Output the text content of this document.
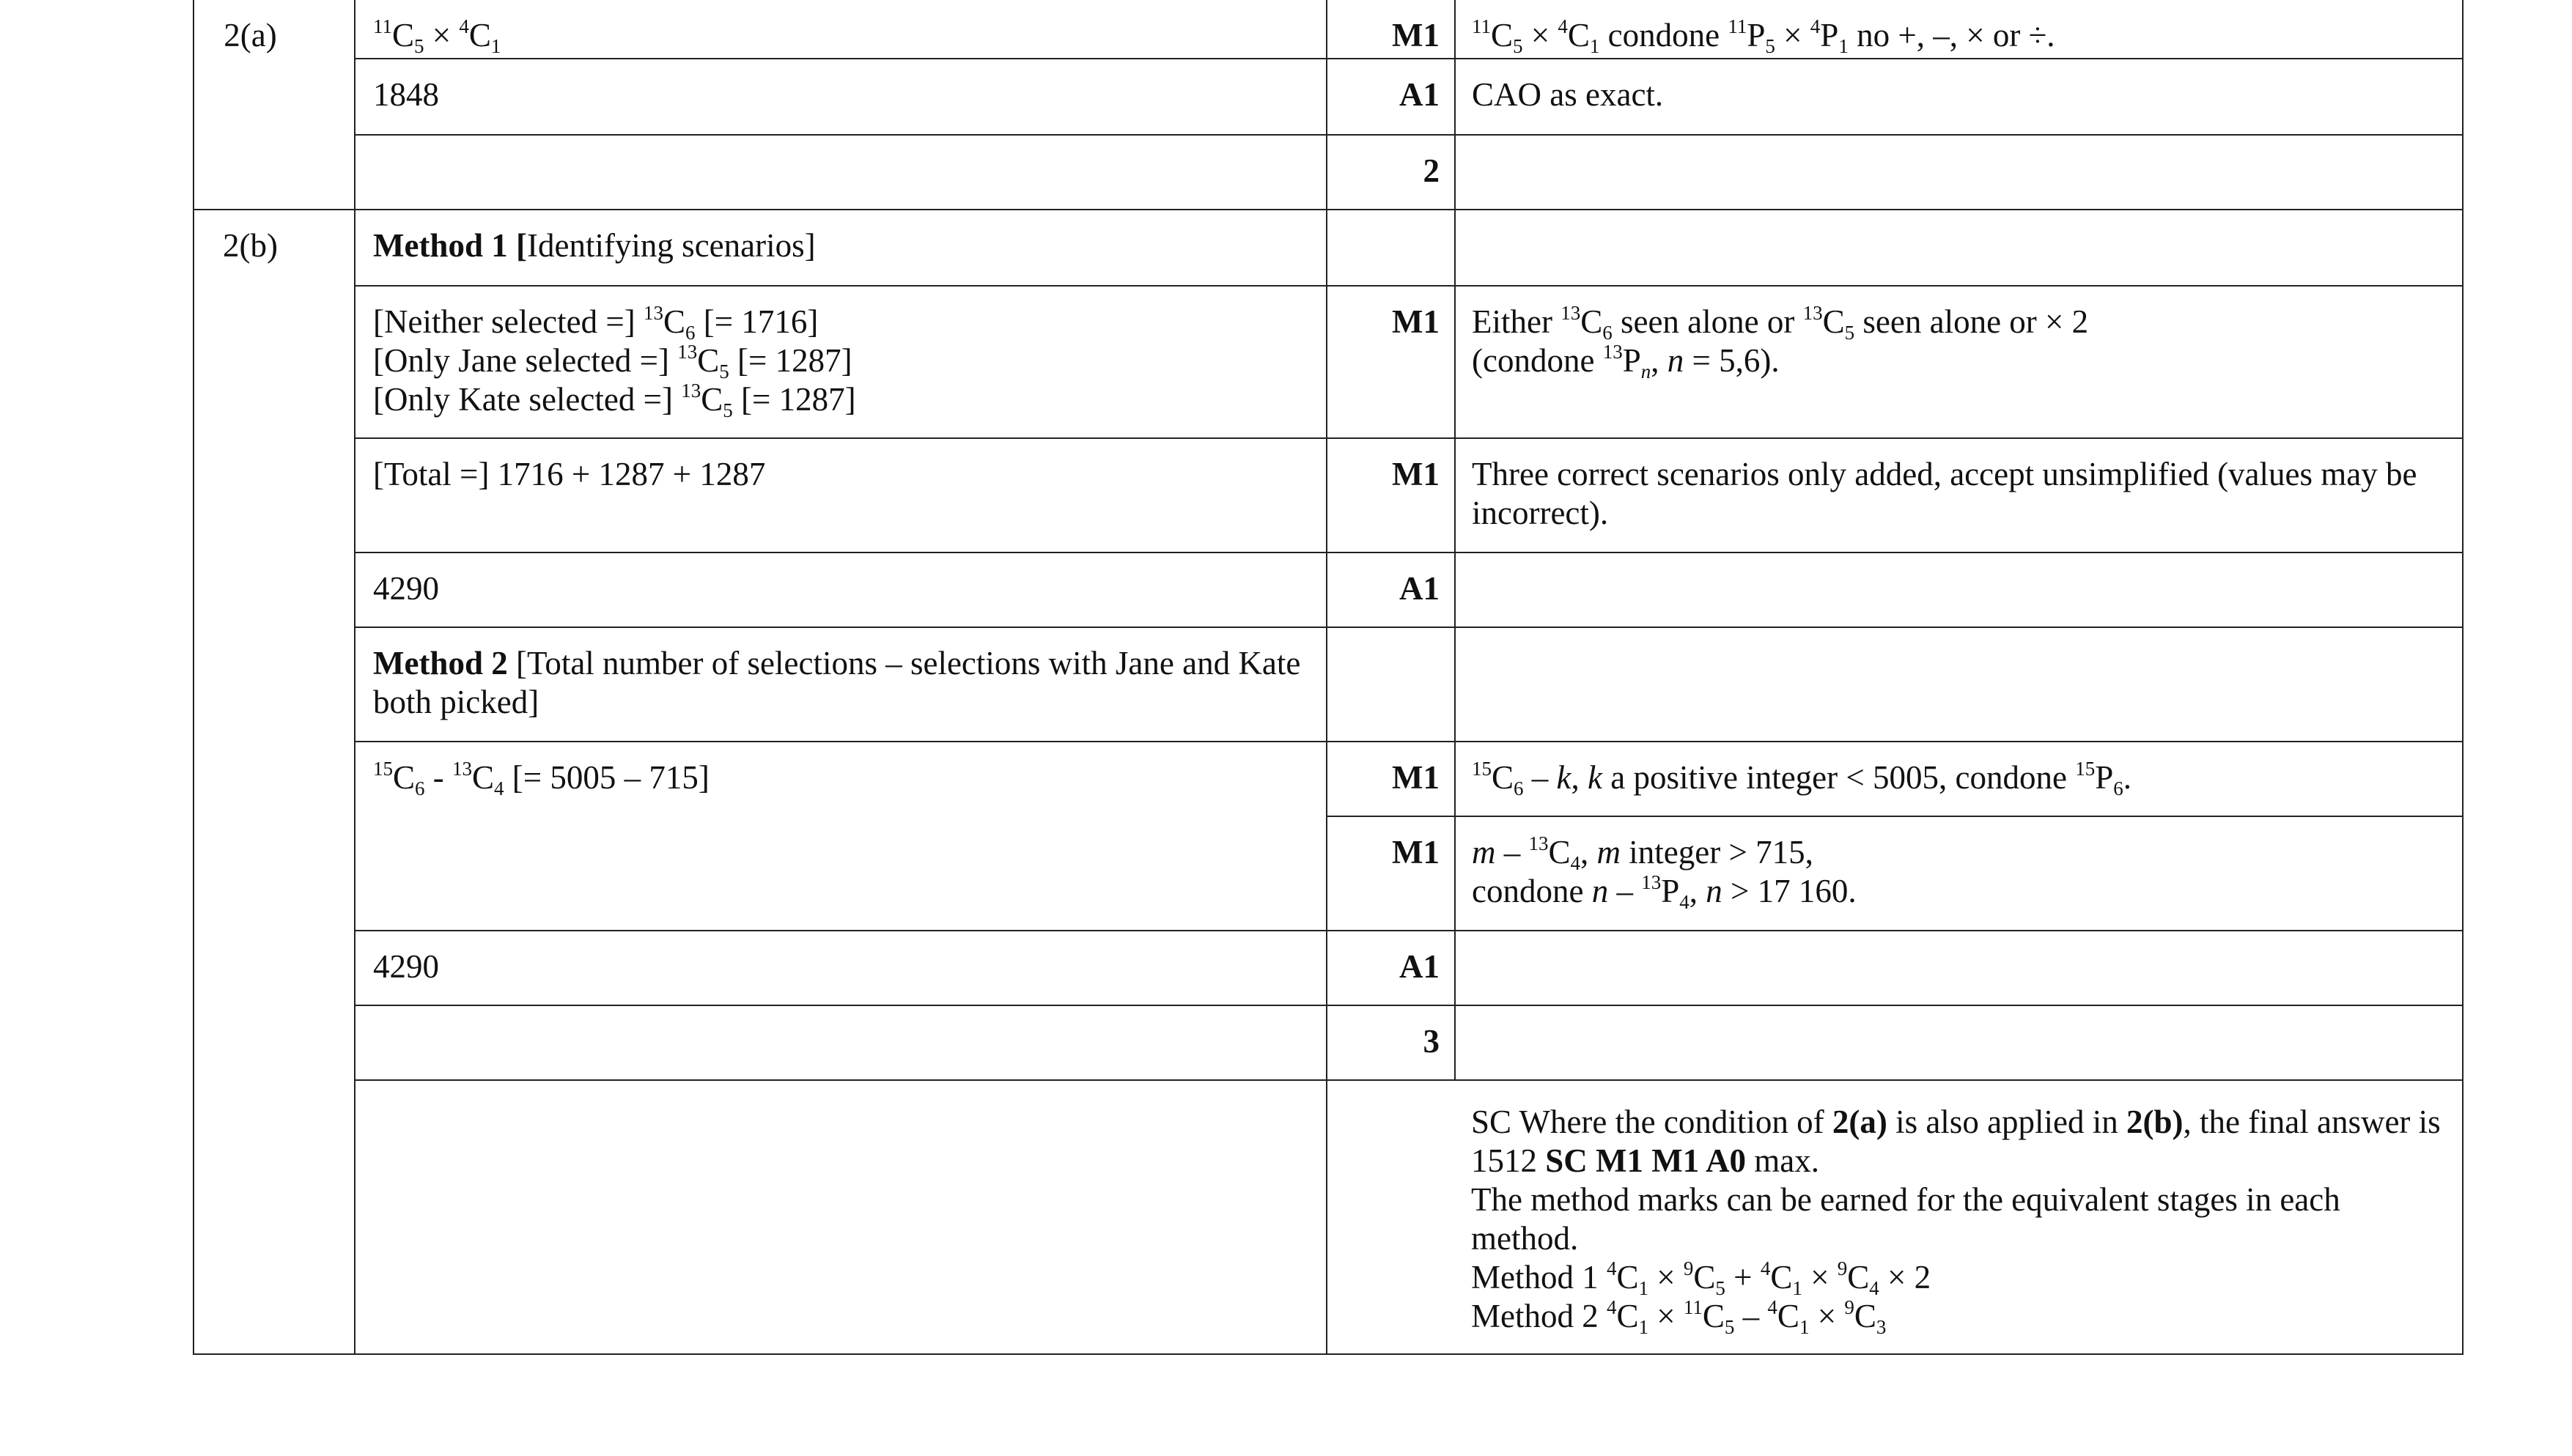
2(a)	$^{11}C_5 \times ^4C_1$	M1	$^{11}C_5 \times ^4C_1$ condone $^{11}P_5 \times ^4P_1$ no +, –, × or ÷.

	1848	A1	CAO as exact.

		2	

2(b)	Method 1 [Identifying scenarios]		

	[Neither selected =] $^{13}C_6$ [= 1716]
[Only Jane selected =] $^{13}C_5$ [= 1287]
[Only Kate selected =] $^{13}C_5$ [= 1287]	M1	Either $^{13}C_6$ seen alone or $^{13}C_5$ seen alone or × 2
(condone $^{13}P_n$, n = 5,6).

	[Total =] 1716 + 1287 + 1287	M1	Three correct scenarios only added, accept unsimplified (values may be incorrect).

	4290	A1	

	Method 2 [Total number of selections – selections with Jane and Kate both picked]		

	$^{15}C_6 - ^{13}C_4$ [= 5005 – 715]	M1	$^{15}C_6$ – k, k a positive integer < 5005, condone $^{15}P_6$.

		M1	m – $^{13}C_4$, m integer > 715,
condone n – $^{13}P_4$, n > 17 160.

	4290	A1	
		3	

			SC Where the condition of 2(a) is also applied in 2(b), the final answer is 1512 SC M1 M1 A0 max.
The method marks can be earned for the equivalent stages in each method.
Method 1 $^4C_1 \times ^9C_5 + ^4C_1 \times ^9C_4 \times 2$
Method 2 $^4C_1 \times ^{11}C_5 - ^4C_1 \times ^9C_3$
